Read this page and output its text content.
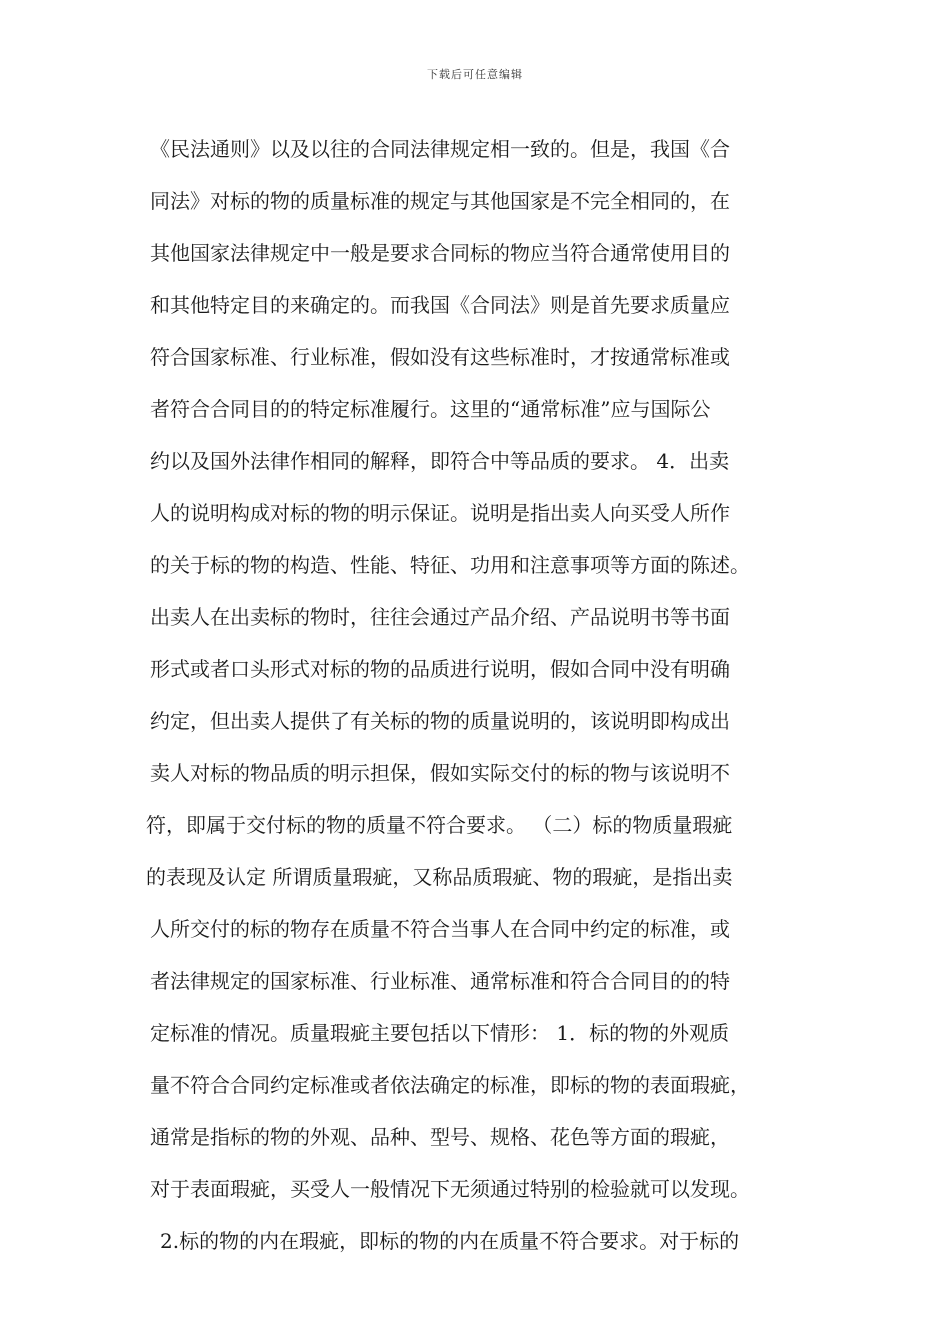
下载后可任意编辑
《民法通则》以及以往的合同法律规定相一致的。但是，我国《合
同法》对标的物的质量标准的规定与其他国家是不完全相同的，在
其他国家法律规定中一般是要求合同标的物应当符合通常使用目的
和其他特定目的来确定的。而我国《合同法》则是首先要求质量应
符合国家标准、行业标准，假如没有这些标准时，才按通常标准或
者符合合同目的的特定标准履行。这里的“通常标准”应与国际公
约以及国外法律作相同的解释，即符合中等品质的要求。 4．出卖
人的说明构成对标的物的明示保证。说明是指出卖人向买受人所作
的关于标的物的构造、性能、特征、功用和注意事项等方面的陈述。
出卖人在出卖标的物时，往往会通过产品介绍、产品说明书等书面
形式或者口头形式对标的物的品质进行说明，假如合同中没有明确
约定，但出卖人提供了有关标的物的质量说明的，该说明即构成出
卖人对标的物品质的明示担保，假如实际交付的标的物与该说明不
符，即属于交付标的物的质量不符合要求。 （二）标的物质量瑕疵
的表现及认定 所谓质量瑕疵，又称品质瑕疵、物的瑕疵，是指出卖
人所交付的标的物存在质量不符合当事人在合同中约定的标准，或
者法律规定的国家标准、行业标准、通常标准和符合合同目的的特
定标准的情况。质量瑕疵主要包括以下情形： 1．标的物的外观质
量不符合合同约定标准或者依法确定的标准，即标的物的表面瑕疵，
通常是指标的物的外观、品种、型号、规格、花色等方面的瑕疵，
对于表面瑕疵，买受人一般情况下无须通过特别的检验就可以发现。
2.标的物的内在瑕疵，即标的物的内在质量不符合要求。对于标的
